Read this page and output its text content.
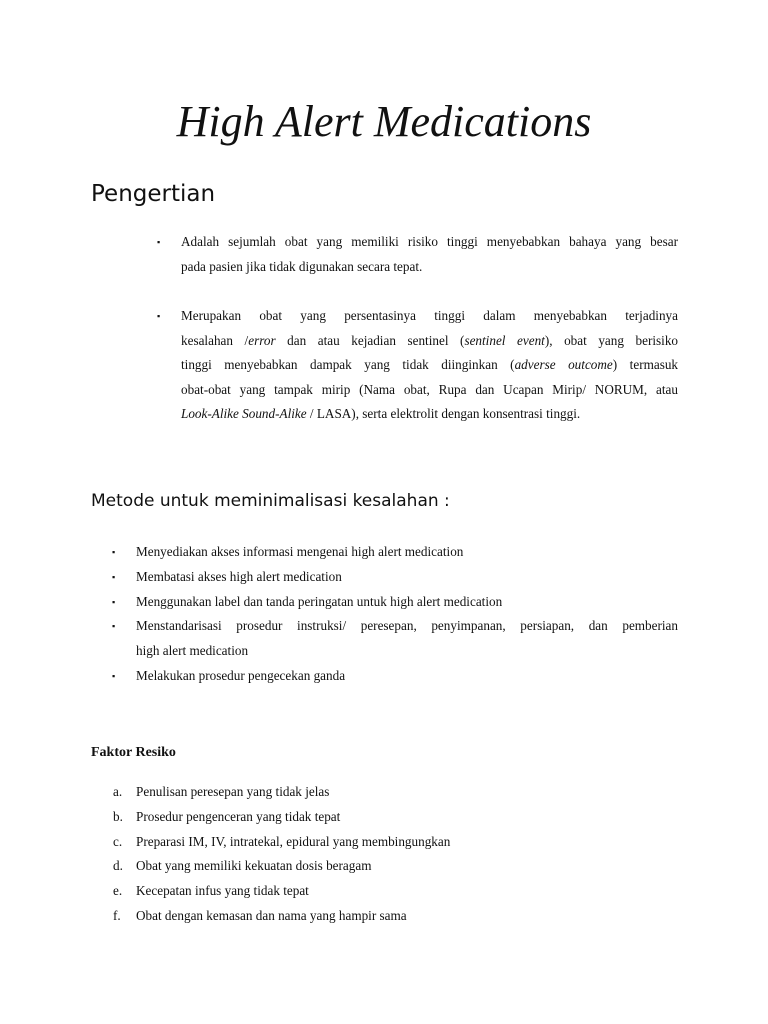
High Alert Medications
Pengertian
▪ Adalah sejumlah obat yang memiliki risiko tinggi menyebabkan bahaya yang besar
pada pasien jika tidak digunakan secara tepat.
▪ Merupakan obat yang persentasinya tinggi dalam menyebabkan terjadinya
kesalahan /error dan atau kejadian sentinel (sentinel event), obat yang berisiko
tinggi menyebabkan dampak yang tidak diinginkan (adverse outcome) termasuk
obat-obat yang tampak mirip (Nama obat, Rupa dan Ucapan Mirip/ NORUM, atau
Look-Alike Sound-Alike / LASA), serta elektrolit dengan konsentrasi tinggi.
Metode untuk meminimalisasi kesalahan :
▪ Menyediakan akses informasi mengenai high alert medication
▪ Membatasi akses high alert medication
▪ Menggunakan label dan tanda peringatan untuk high alert medication
▪ Menstandarisasi prosedur instruksi/ peresepan, penyimpanan, persiapan, dan pemberian
high alert medication
▪ Melakukan prosedur pengecekan ganda
Faktor Resiko
a. Penulisan peresepan yang tidak jelas
b. Prosedur pengenceran yang tidak tepat
c. Preparasi IM, IV, intratekal, epidural yang membingungkan
d. Obat yang memiliki kekuatan dosis beragam
e. Kecepatan infus yang tidak tepat
f. Obat dengan kemasan dan nama yang hampir sama
